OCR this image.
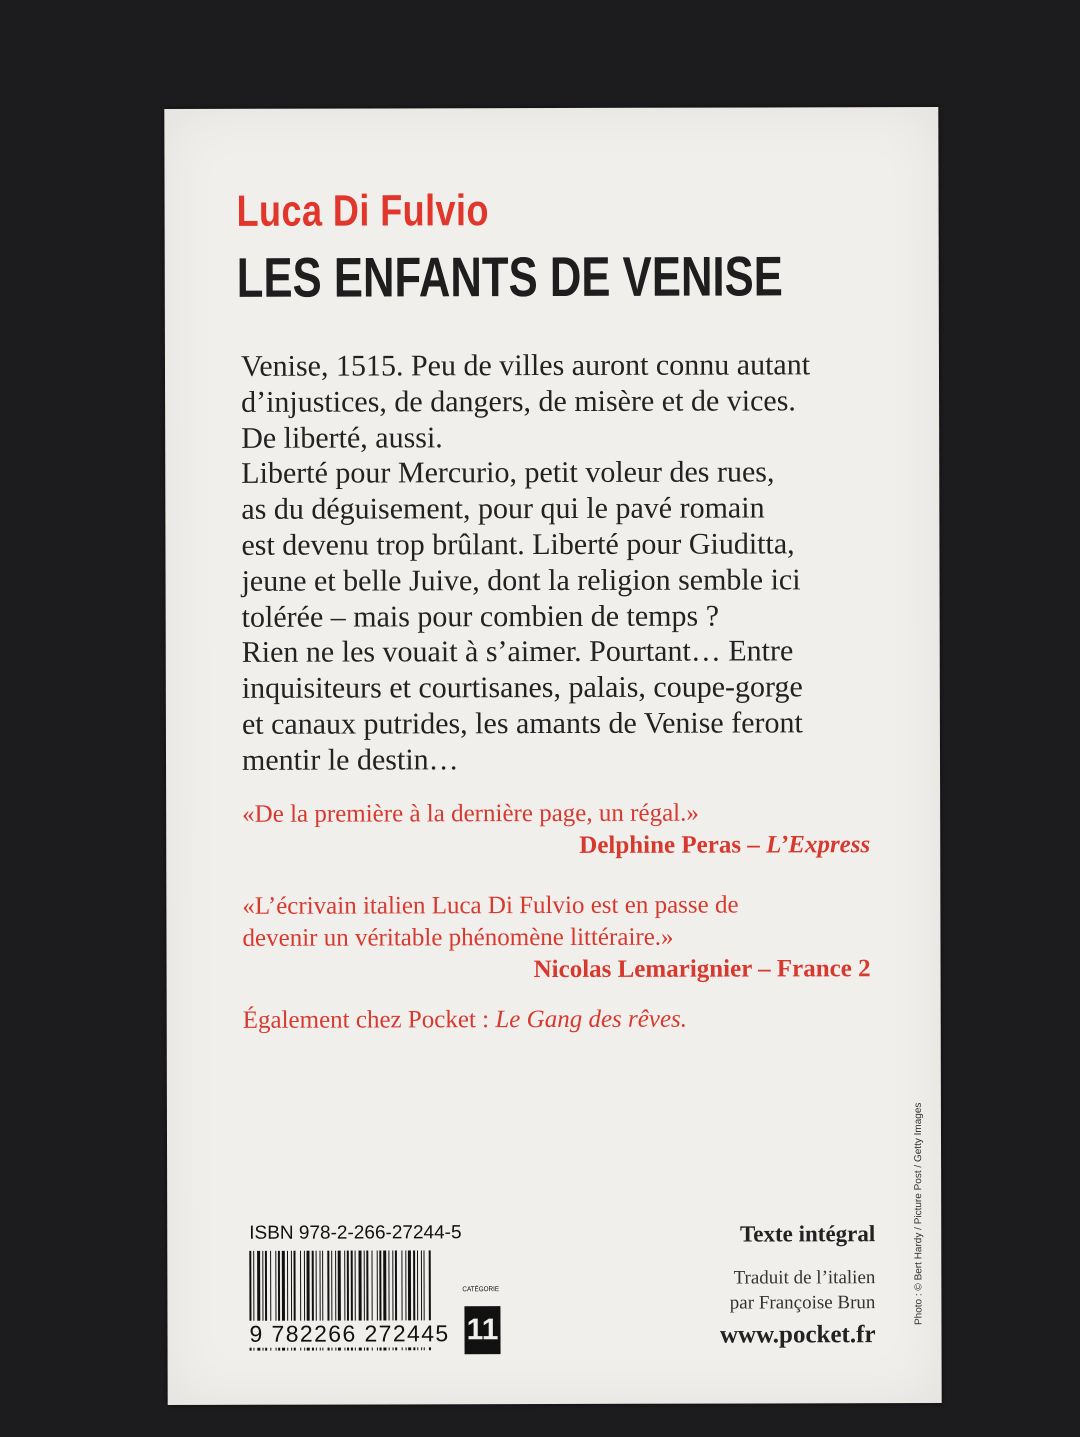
Luca Di Fulvio
LES ENFANTS DE VENISE

Venise, 1515. Peu de villes auront connu autant

d’injustices, de dangers, de misère et de vices.

De liberté, aussi.

Liberté pour Mercurio, petit voleur des rues,

as du déguisement, pour qui le pavé romain

est devenu trop brûlant. Liberté pour Giuditta,

jeune et belle Juive, dont la religion semble ici

tolérée – mais pour combien de temps ?

Rien ne les vouait à s’aimer. Pourtant… Entre

inquisiteurs et courtisanes, palais, coupe-gorge

et canaux putrides, les amants de Venise feront

mentir le destin…

«De la première à la dernière page, un régal.»

Delphine Peras – L’Express

«L’écrivain italien Luca Di Fulvio est en passe de

devenir un véritable phénomène littéraire.»

Nicolas Lemarignier – France 2

Également chez Pocket : Le Gang des rêves.
ISBN 978-2-266-27244-5
9 782266 272445
CATÉGORIE
11
Texte intégral
Traduit de l’italien
par Françoise Brun
www.pocket.fr
Photo : © Bert Hardy / Picture Post / Getty Images
